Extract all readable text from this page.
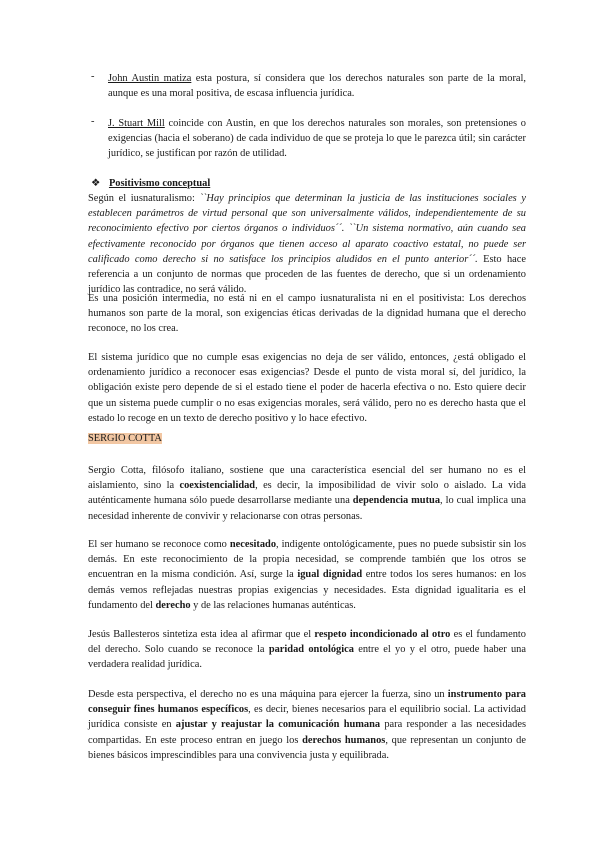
- John Austin matiza esta postura, sí considera que los derechos naturales son parte de la moral, aunque es una moral positiva, de escasa influencia jurídica.

- J. Stuart Mill coincide con Austin, en que los derechos naturales son morales, son pretensiones o exigencias (hacia el soberano) de cada individuo de que se proteja lo que le parezca útil; sin carácter jurídico, se justifican por razón de utilidad.

❖ Positivismo conceptual

Según el iusnaturalismo: ``Hay principios que determinan la justicia de las instituciones sociales y establecen parámetros de virtud personal que son universalmente válidos, independientemente de su reconocimiento efectivo por ciertos órganos o individuos´´. ``Un sistema normativo, aún cuando sea efectivamente reconocido por órganos que tienen acceso al aparato coactivo estatal, no puede ser calificado como derecho si no satisface los principios aludidos en el punto anterior´´. Esto hace referencia a un conjunto de normas que proceden de las fuentes de derecho, que si un ordenamiento jurídico las contradice, no será válido.

Es una posición intermedia, no está ni en el campo iusnaturalista ni en el positivista: Los derechos humanos son parte de la moral, son exigencias éticas derivadas de la dignidad humana que el derecho reconoce, no los crea.

El sistema jurídico que no cumple esas exigencias no deja de ser válido, entonces, ¿está obligado el ordenamiento jurídico a reconocer esas exigencias? Desde el punto de vista moral sí, del jurídico, la obligación existe pero depende de si el estado tiene el poder de hacerla efectiva o no. Esto quiere decir que un sistema puede cumplir o no esas exigencias morales, será válido, pero no es derecho hasta que el estado lo recoge en un texto de derecho positivo y lo hace efectivo.

SERGIO COTTA

Sergio Cotta, filósofo italiano, sostiene que una característica esencial del ser humano no es el aislamiento, sino la coexistencialidad, es decir, la imposibilidad de vivir solo o aislado. La vida auténticamente humana sólo puede desarrollarse mediante una dependencia mutua, lo cual implica una necesidad inherente de convivir y relacionarse con otras personas.

El ser humano se reconoce como necesitado, indigente ontológicamente, pues no puede subsistir sin los demás. En este reconocimiento de la propia necesidad, se comprende también que los otros se encuentran en la misma condición. Así, surge la igual dignidad entre todos los seres humanos: en los demás vemos reflejadas nuestras propias exigencias y necesidades. Esta dignidad igualitaria es el fundamento del derecho y de las relaciones humanas auténticas.

Jesús Ballesteros sintetiza esta idea al afirmar que el respeto incondicionado al otro es el fundamento del derecho. Solo cuando se reconoce la paridad ontológica entre el yo y el otro, puede haber una verdadera realidad jurídica.

Desde esta perspectiva, el derecho no es una máquina para ejercer la fuerza, sino un instrumento para conseguir fines humanos específicos, es decir, bienes necesarios para el equilibrio social. La actividad jurídica consiste en ajustar y reajustar la comunicación humana para responder a las necesidades compartidas. En este proceso entran en juego los derechos humanos, que representan un conjunto de bienes básicos imprescindibles para una convivencia justa y equilibrada.
